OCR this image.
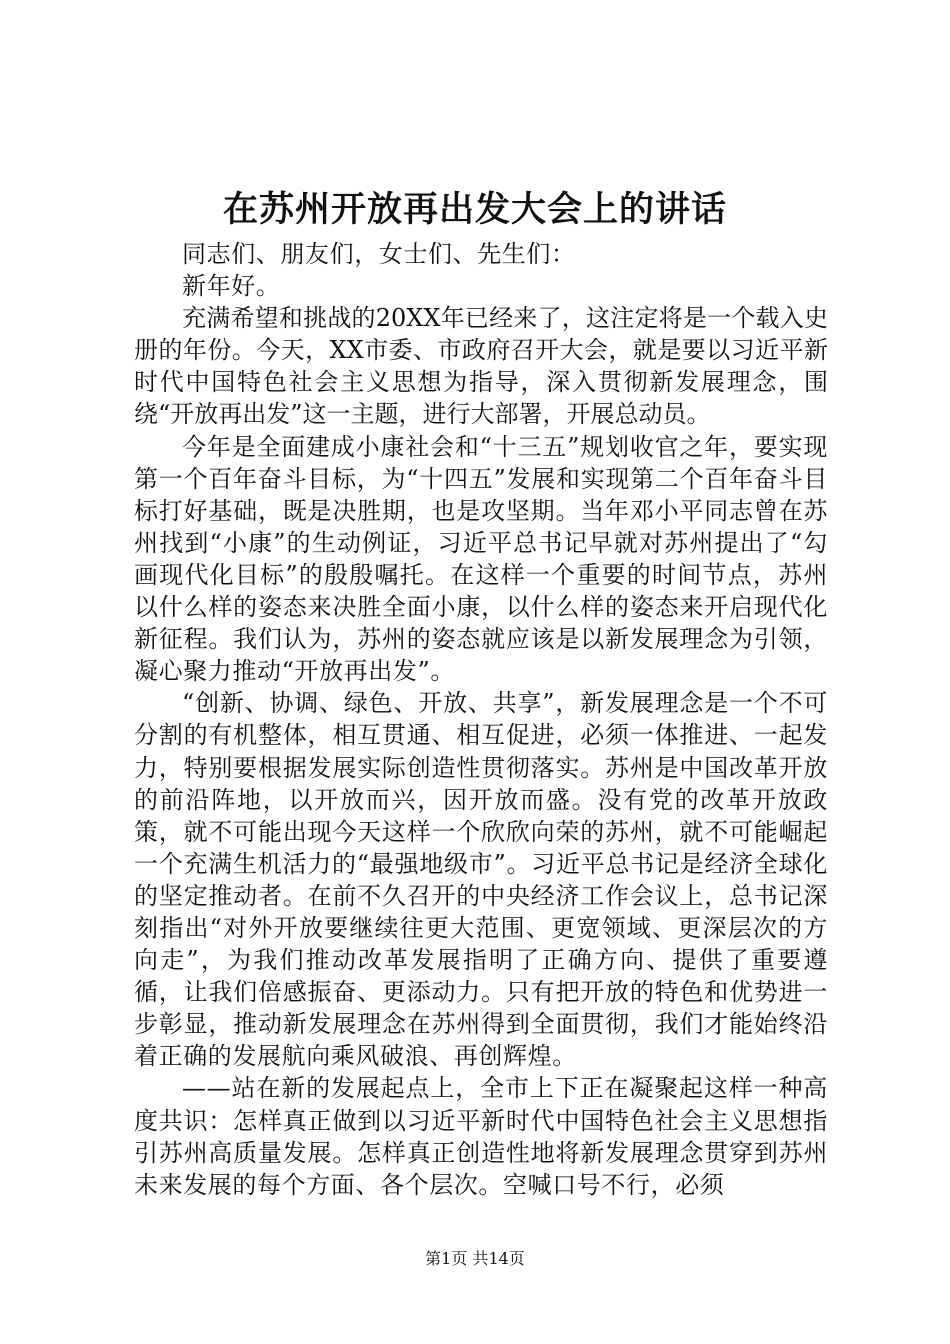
在苏州开放再出发大会上的讲话

同志们、朋友们，女士们、先生们：

新年好。

充满希望和挑战的20XX年已经来了，这注定将是一个载入史册的年份。今天，XX市委、市政府召开大会，就是要以习近平新时代中国特色社会主义思想为指导，深入贯彻新发展理念，围绕“开放再出发”这一主题，进行大部署，开展总动员。

今年是全面建成小康社会和“十三五”规划收官之年，要实现第一个百年奋斗目标，为“十四五”发展和实现第二个百年奋斗目标打好基础，既是决胜期，也是攻坚期。当年邓小平同志曾在苏州找到“小康”的生动例证，习近平总书记早就对苏州提出了“勾画现代化目标”的殷殷嘱托。在这样一个重要的时间节点，苏州以什么样的姿态来决胜全面小康，以什么样的姿态来开启现代化新征程。我们认为，苏州的姿态就应该是以新发展理念为引领，凝心聚力推动“开放再出发”。

“创新、协调、绿色、开放、共享”，新发展理念是一个不可分割的有机整体，相互贯通、相互促进，必须一体推进、一起发力，特别要根据发展实际创造性贯彻落实。苏州是中国改革开放的前沿阵地，以开放而兴，因开放而盛。没有党的改革开放政策，就不可能出现今天这样一个欣欣向荣的苏州，就不可能崛起一个充满生机活力的“最强地级市”。习近平总书记是经济全球化的坚定推动者。在前不久召开的中央经济工作会议上，总书记深刻指出“对外开放要继续往更大范围、更宽领域、更深层次的方向走”，为我们推动改革发展指明了正确方向、提供了重要遵循，让我们倍感振奋、更添动力。只有把开放的特色和优势进一步彰显，推动新发展理念在苏州得到全面贯彻，我们才能始终沿着正确的发展航向乘风破浪、再创辉煌。

——站在新的发展起点上，全市上下正在凝聚起这样一种高度共识：怎样真正做到以习近平新时代中国特色社会主义思想指引苏州高质量发展。怎样真正创造性地将新发展理念贯穿到苏州未来发展的每个方面、各个层次。空喊口号不行，必须

第1页 共14页
